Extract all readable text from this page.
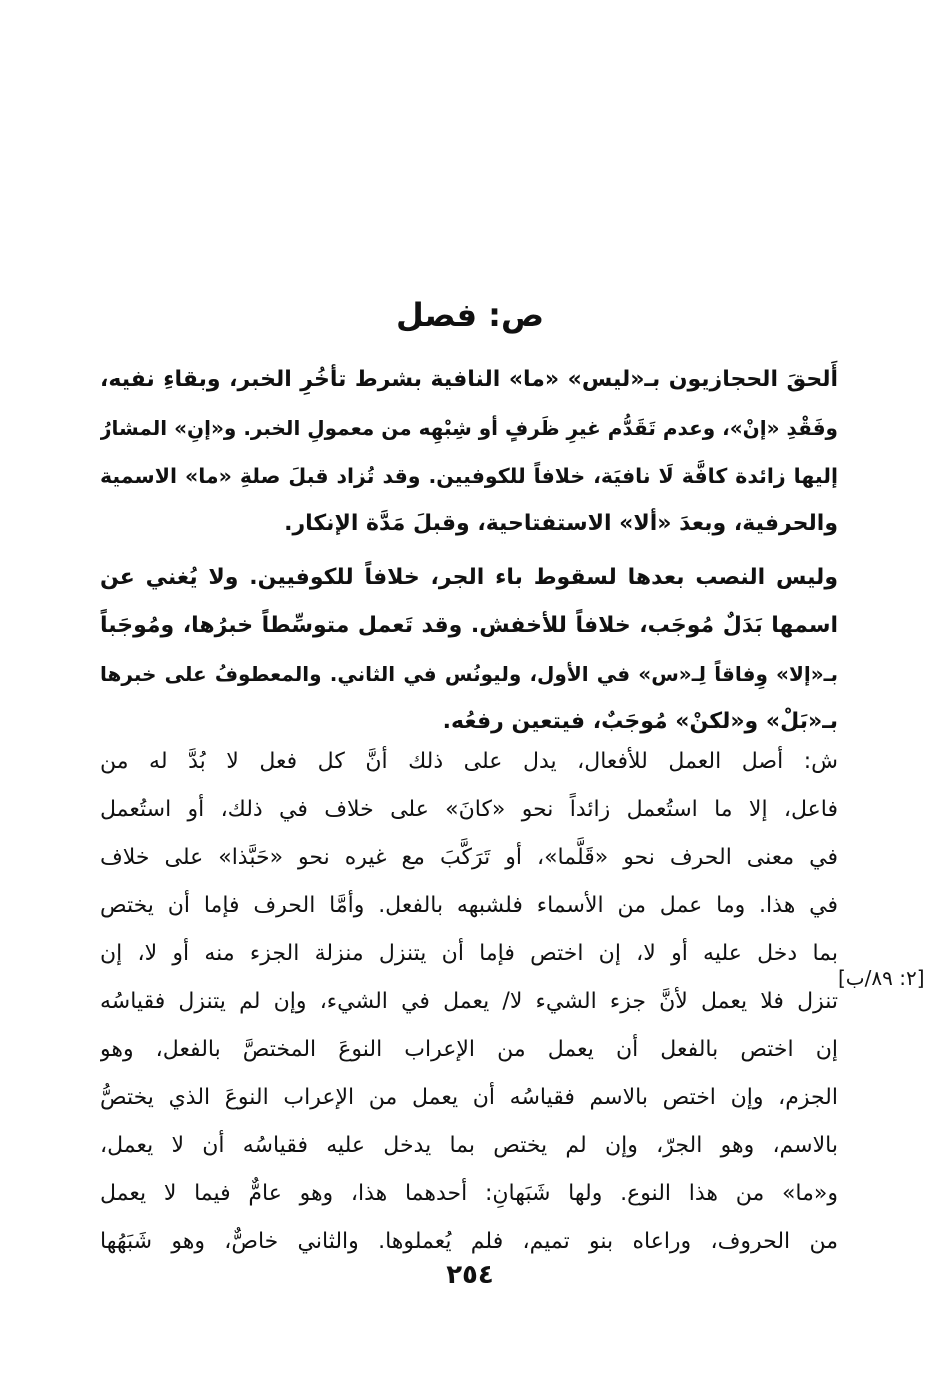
ص: فصل
أَلحقَ الحجازيون بـ«ليس» «ما» النافية بشرط تأخُرِ الخبر، وبقاءِ نفيه،
وفَقْدِ «إنْ»، وعدم تَقَدُّم غيرِ ظَرفٍ أو شِبْهِه من معمولِ الخبر. و«إنِ» المشارُ
إليها زائدة كافَّة لَا نافيَة، خلافاً للكوفيين. وقد تُزاد قبلَ صلةِ «ما» الاسمية
والحرفية، وبعدَ «ألا» الاستفتاحية، وقبلَ مَدَّة الإنكار.
وليس النصب بعدها لسقوط باء الجر، خلافاً للكوفيين. ولا يُغني عن
اسمها بَدَلٌ مُوجَب، خلافاً للأخفش. وقد تَعمل متوسِّطاً خبرُها، ومُوجَباً
بـ«إلا» وِفاقاً لِـ«س» في الأول، وليونُس في الثاني. والمعطوفُ على خبرها
بـ«بَلْ» و«لكنْ» مُوجَبٌ، فيتعين رفعُه.
ش: أصل العمل للأفعال، يدل على ذلك أنَّ كل فعل لا بُدَّ له من
فاعل، إلا ما استُعمل زائداً نحو «كانَ» على خلاف في ذلك، أو استُعمل
في معنى الحرف نحو «قَلَّما»، أو تَرَكَّبَ مع غيره نحو «حَبَّذا» على خلاف
في هذا. وما عمل من الأسماء فلشبهه بالفعل. وأمَّا الحرف فإما أن يختص
بما دخل عليه أو لا، إن اختص فإما أن يتنزل منزلة الجزء منه أو لا، إن
تنزل فلا يعمل لأنَّ جزء الشيء لا/ يعمل في الشيء، وإن لم يتنزل فقياسُه
إن اختص بالفعل أن يعمل من الإعراب النوعَ المختصَّ بالفعل، وهو
الجزم، وإن اختص بالاسم فقياسُه أن يعمل من الإعراب النوعَ الذي يختصُّ
بالاسم، وهو الجرّ، وإن لم يختص بما يدخل عليه فقياسُه أن لا يعمل،
و«ما» من هذا النوع. ولها شَبَهانِ: أحدهما هذا، وهو عامٌّ فيما لا يعمل
من الحروف، وراعاه بنو تميم، فلم يُعملوها. والثاني خاصٌّ، وهو شَبَهُها
[٢: ٨٩/ب]
٢٥٤
